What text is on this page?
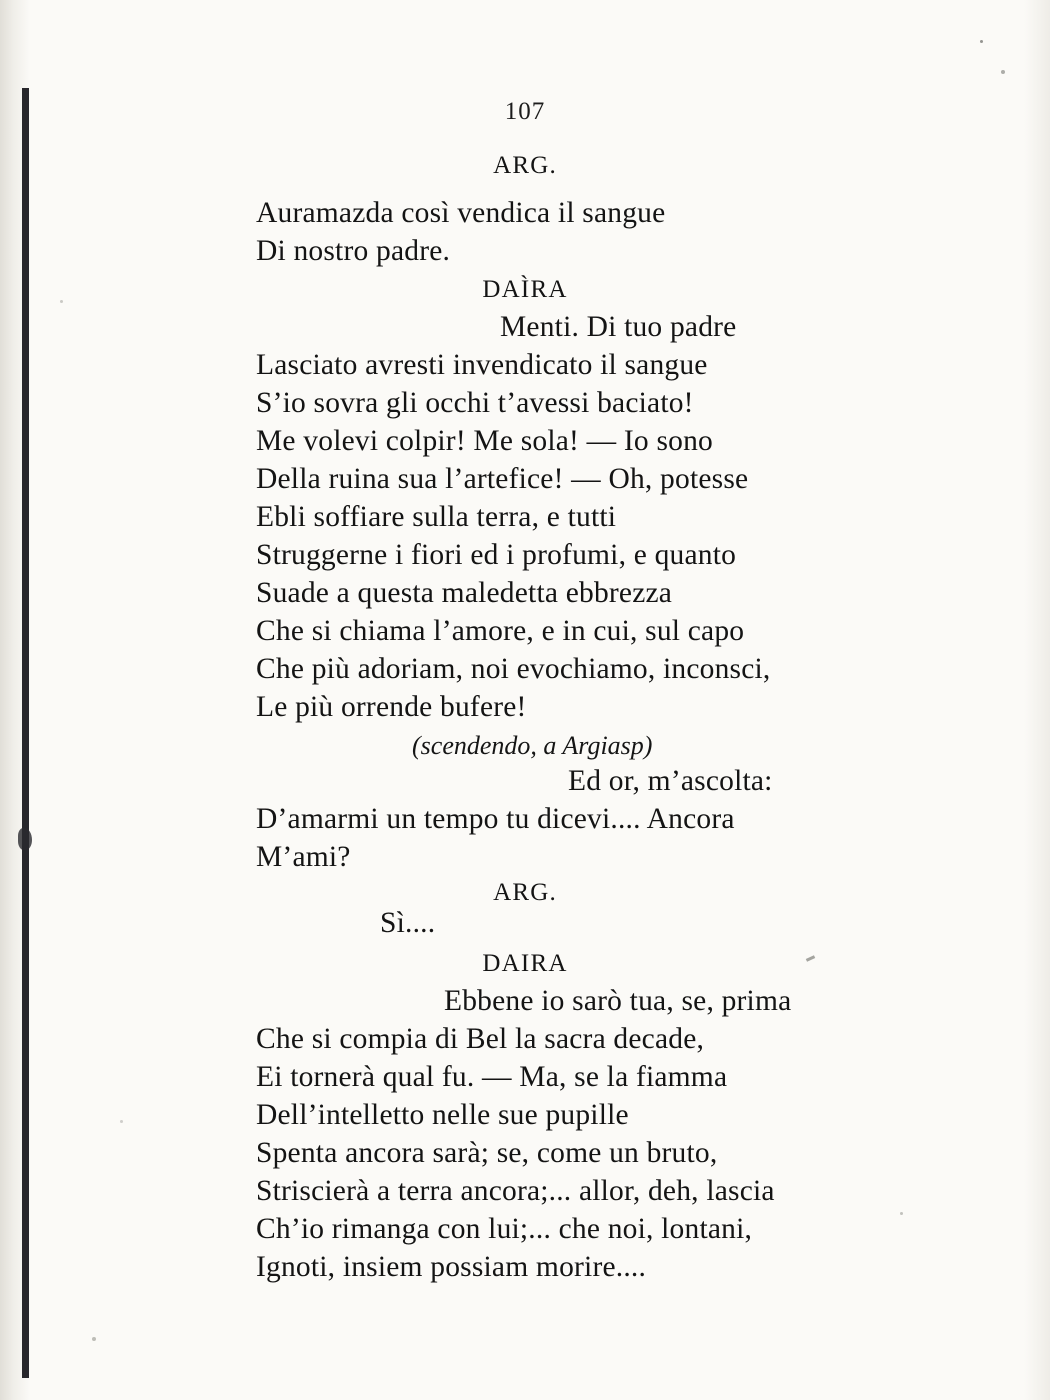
107
ARG.
Auramazda così vendica il sangue
Di nostro padre.
DAÌRA
Menti. Di tuo padre
Lasciato avresti invendicato il sangue
S’io sovra gli occhi t’avessi baciato!
Me volevi colpir! Me sola! — Io sono
Della ruina sua l’artefice! — Oh, potesse
Ebli soffiare sulla terra, e tutti
Struggerne i fiori ed i profumi, e quanto
Suade a questa maledetta ebbrezza
Che si chiama l’amore, e in cui, sul capo
Che più adoriam, noi evochiamo, inconsci,
Le più orrende bufere!
(scendendo, a Argiasp)
Ed or, m’ascolta:
D’amarmi un tempo tu dicevi.... Ancora
M’ami?
ARG.
Sì....
DAIRA
Ebbene io sarò tua, se, prima
Che si compia di Bel la sacra decade,
Ei tornerà qual fu. — Ma, se la fiamma
Dell’intelletto nelle sue pupille
Spenta ancora sarà; se, come un bruto,
Striscierà a terra ancora;... allor, deh, lascia
Ch’io rimanga con lui;... che noi, lontani,
Ignoti, insiem possiam morire....
